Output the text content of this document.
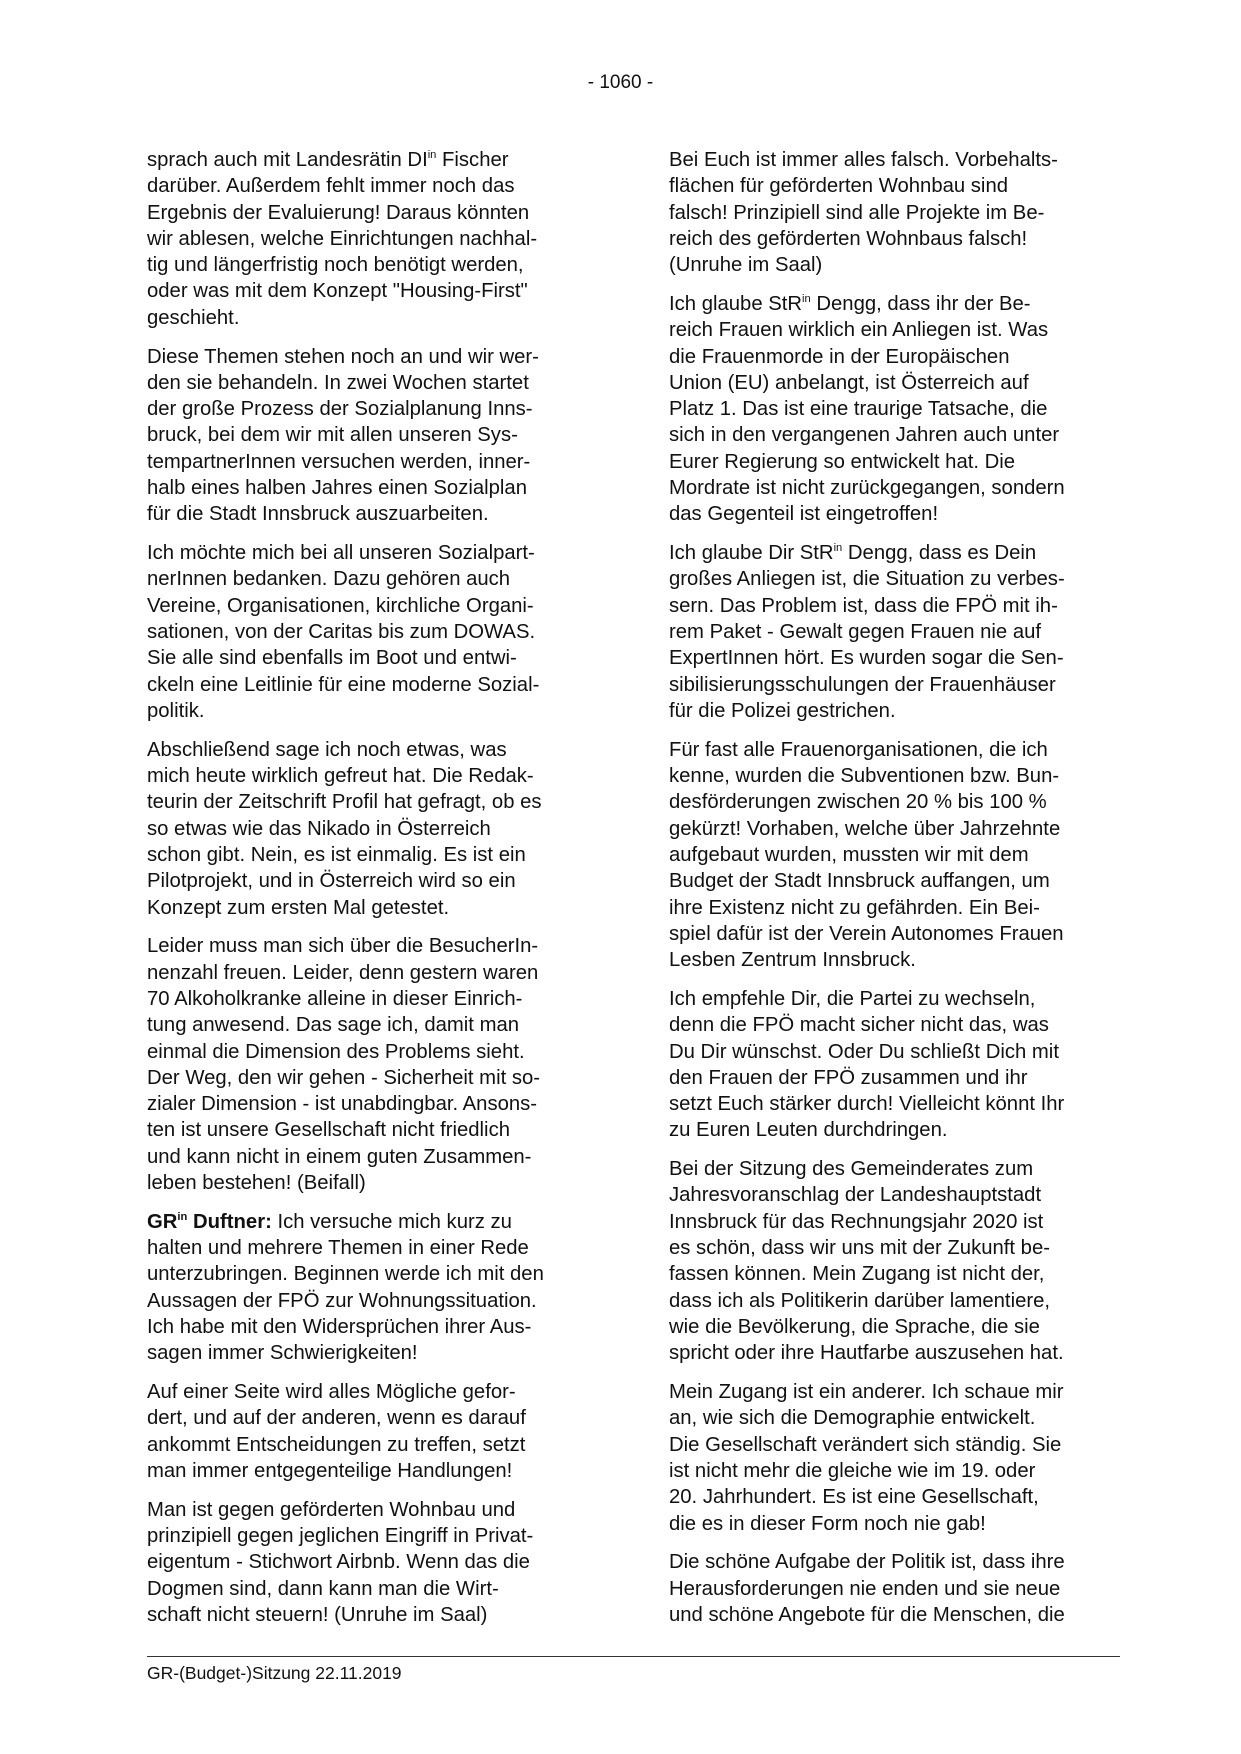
- 1060 -

sprach auch mit Landesrätin $DI^{in}$ Fischer
darüber. Außerdem fehlt immer noch das
Ergebnis der Evaluierung! Daraus könnten
wir ablesen, welche Einrichtungen nachhal-
tig und längerfristig noch benötigt werden,
oder was mit dem Konzept "Housing-First"
geschieht.

Diese Themen stehen noch an und wir wer-
den sie behandeln. In zwei Wochen startet
der große Prozess der Sozialplanung Inns-
bruck, bei dem wir mit allen unseren Sys-
tempartnerInnen versuchen werden, inner-
halb eines halben Jahres einen Sozialplan
für die Stadt Innsbruck auszuarbeiten.

Ich möchte mich bei all unseren Sozialpart-
nerInnen bedanken. Dazu gehören auch
Vereine, Organisationen, kirchliche Organi-
sationen, von der Caritas bis zum DOWAS.
Sie alle sind ebenfalls im Boot und entwi-
ckeln eine Leitlinie für eine moderne Sozial-
politik.

Abschließend sage ich noch etwas, was
mich heute wirklich gefreut hat. Die Redak-
teurin der Zeitschrift Profil hat gefragt, ob es
so etwas wie das Nikado in Österreich
schon gibt. Nein, es ist einmalig. Es ist ein
Pilotprojekt, und in Österreich wird so ein
Konzept zum ersten Mal getestet.

Leider muss man sich über die BesucherIn-
nenzahl freuen. Leider, denn gestern waren
70 Alkoholkranke alleine in dieser Einrich-
tung anwesend. Das sage ich, damit man
einmal die Dimension des Problems sieht.
Der Weg, den wir gehen - Sicherheit mit so-
zialer Dimension - ist unabdingbar. Ansons-
ten ist unsere Gesellschaft nicht friedlich
und kann nicht in einem guten Zusammen-
leben bestehen! (Beifall)

$GR^{in}$ Duftner: Ich versuche mich kurz zu
halten und mehrere Themen in einer Rede
unterzubringen. Beginnen werde ich mit den
Aussagen der FPÖ zur Wohnungssituation.
Ich habe mit den Widersprüchen ihrer Aus-
sagen immer Schwierigkeiten!

Auf einer Seite wird alles Mögliche gefor-
dert, und auf der anderen, wenn es darauf
ankommt Entscheidungen zu treffen, setzt
man immer entgegenteilige Handlungen!

Man ist gegen geförderten Wohnbau und
prinzipiell gegen jeglichen Eingriff in Privat-
eigentum - Stichwort Airbnb. Wenn das die
Dogmen sind, dann kann man die Wirt-
schaft nicht steuern! (Unruhe im Saal)

Bei Euch ist immer alles falsch. Vorbehalts-
flächen für geförderten Wohnbau sind
falsch! Prinzipiell sind alle Projekte im Be-
reich des geförderten Wohnbaus falsch!
(Unruhe im Saal)

Ich glaube StR$^{in}$ Dengg, dass ihr der Be-
reich Frauen wirklich ein Anliegen ist. Was
die Frauenmorde in der Europäischen
Union (EU) anbelangt, ist Österreich auf
Platz 1. Das ist eine traurige Tatsache, die
sich in den vergangenen Jahren auch unter
Eurer Regierung so entwickelt hat. Die
Mordrate ist nicht zurückgegangen, sondern
das Gegenteil ist eingetroffen!

Ich glaube Dir StR$^{in}$ Dengg, dass es Dein
großes Anliegen ist, die Situation zu verbes-
sern. Das Problem ist, dass die FPÖ mit ih-
rem Paket - Gewalt gegen Frauen nie auf
ExpertInnen hört. Es wurden sogar die Sen-
sibilisierungsschulungen der Frauenhäuser
für die Polizei gestrichen.

Für fast alle Frauenorganisationen, die ich
kenne, wurden die Subventionen bzw. Bun-
desförderungen zwischen 20 % bis 100 %
gekürzt! Vorhaben, welche über Jahrzehnte
aufgebaut wurden, mussten wir mit dem
Budget der Stadt Innsbruck auffangen, um
ihre Existenz nicht zu gefährden. Ein Bei-
spiel dafür ist der Verein Autonomes Frauen
Lesben Zentrum Innsbruck.

Ich empfehle Dir, die Partei zu wechseln,
denn die FPÖ macht sicher nicht das, was
Du Dir wünschst. Oder Du schließt Dich mit
den Frauen der FPÖ zusammen und ihr
setzt Euch stärker durch! Vielleicht könnt Ihr
zu Euren Leuten durchdringen.

Bei der Sitzung des Gemeinderates zum
Jahresvoranschlag der Landeshauptstadt
Innsbruck für das Rechnungsjahr 2020 ist
es schön, dass wir uns mit der Zukunft be-
fassen können. Mein Zugang ist nicht der,
dass ich als Politikerin darüber lamentiere,
wie die Bevölkerung, die Sprache, die sie
spricht oder ihre Hautfarbe auszusehen hat.

Mein Zugang ist ein anderer. Ich schaue mir
an, wie sich die Demographie entwickelt.
Die Gesellschaft verändert sich ständig. Sie
ist nicht mehr die gleiche wie im 19. oder
20. Jahrhundert. Es ist eine Gesellschaft,
die es in dieser Form noch nie gab!

Die schöne Aufgabe der Politik ist, dass ihre
Herausforderungen nie enden und sie neue
und schöne Angebote für die Menschen, die

GR-(Budget-)Sitzung 22.11.2019
